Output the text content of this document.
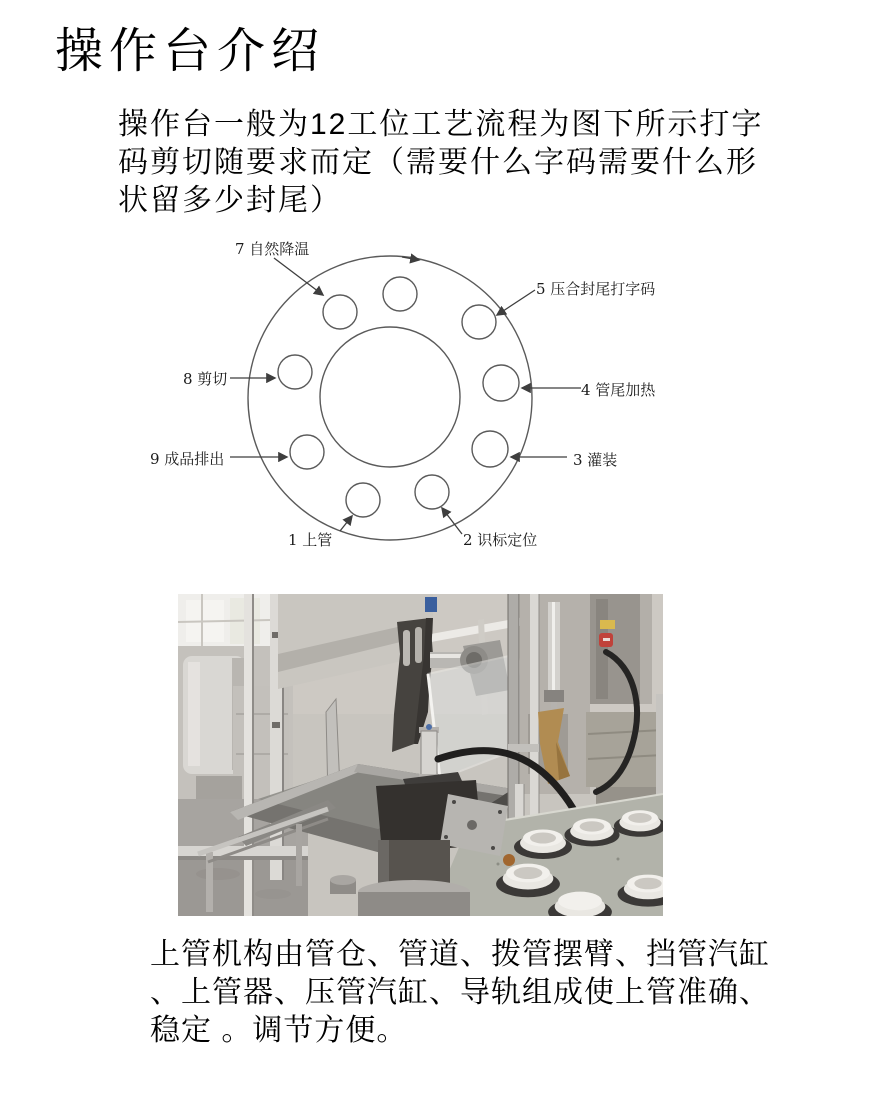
操作台介绍
操作台一般为12工位工艺流程为图下所示打字
码剪切随要求而定（需要什么字码需要什么形
状留多少封尾）
7 自然降温
5 压合封尾打字码
8 剪切
4 管尾加热
9 成品排出	3 灌装
1 上管	2 识标定位
上管机构由管仓、管道、拨管摆臂、挡管汽缸
、上管器、压管汽缸、导轨组成使上管准确、
稳定 。调节方便。
